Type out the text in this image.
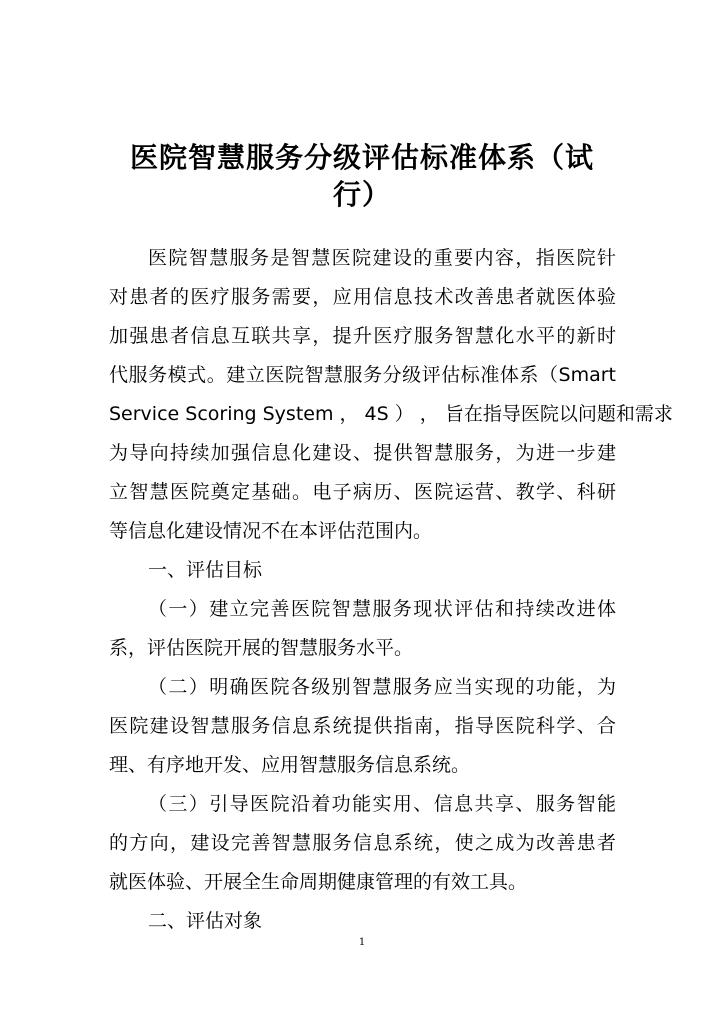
医院智慧服务分级评估标准体系（试
行）
医院智慧服务是智慧医院建设的重要内容，指医院针
对患者的医疗服务需要，应用信息技术改善患者就医体验
加强患者信息互联共享，提升医疗服务智慧化水平的新时
代服务模式。建立医院智慧服务分级评估标准体系（Smart
Service Scoring System ， 4S ） ， 旨在指导医院以问题和需求
为导向持续加强信息化建设、提供智慧服务，为进一步建
立智慧医院奠定基础。电子病历、医院运营、教学、科研
等信息化建设情况不在本评估范围内。
一、评估目标
（一）建立完善医院智慧服务现状评估和持续改进体
系，评估医院开展的智慧服务水平。
（二）明确医院各级别智慧服务应当实现的功能，为
医院建设智慧服务信息系统提供指南，指导医院科学、合
理、有序地开发、应用智慧服务信息系统。
（三）引导医院沿着功能实用、信息共享、服务智能
的方向，建设完善智慧服务信息系统，使之成为改善患者
就医体验、开展全生命周期健康管理的有效工具。
二、评估对象
1
